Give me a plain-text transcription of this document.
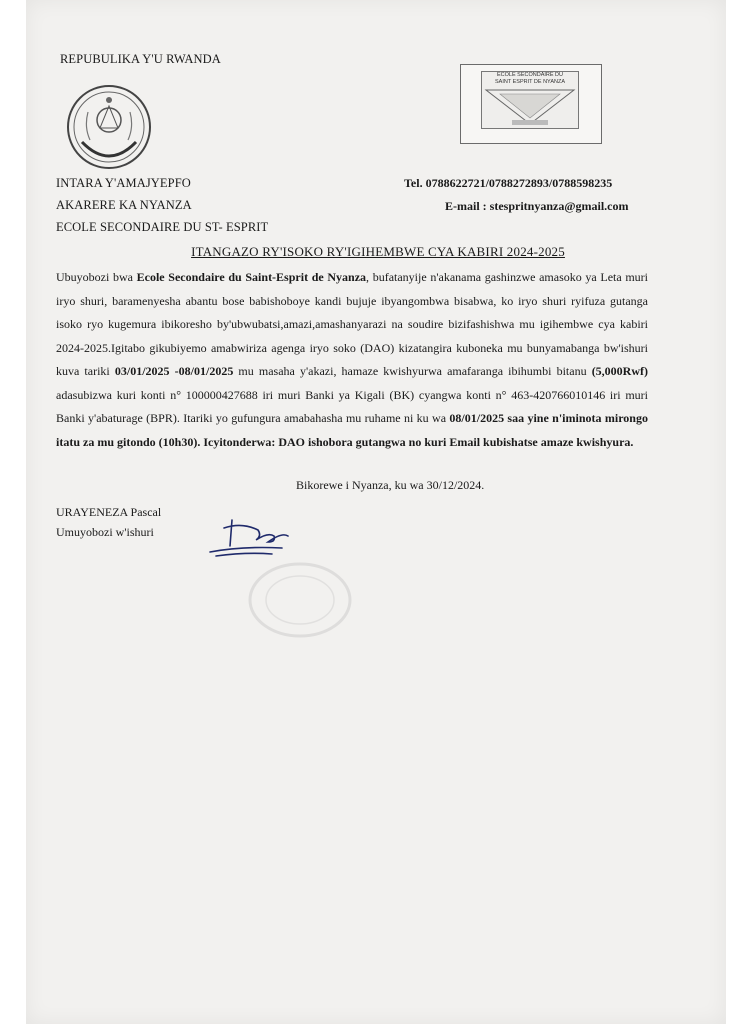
REPUBULIKA Y'U RWANDA
ECOLE SECONDAIRE DU
SAINT ESPRIT DE NYANZA
INTARA Y'AMAJYEPFO
AKARERE KA NYANZA
ECOLE SECONDAIRE DU ST- ESPRIT
Tel. 0788622721/0788272893/0788598235
E-mail : stespritnyanza@gmail.com
ITANGAZO RY'ISOKO RY'IGIHEMBWE CYA KABIRI 2024-2025
Ubuyobozi bwa Ecole Secondaire du Saint-Esprit de Nyanza, bufatanyije n'akanama gashinzwe amasoko ya Leta muri iryo shuri, baramenyesha abantu bose babishoboye kandi bujuje ibyangombwa bisabwa, ko iryo shuri ryifuza gutanga isoko ryo kugemura ibikoresho by'ubwubatsi,amazi,amashanyarazi na soudire bizifashishwa mu igihembwe cya kabiri 2024-2025.Igitabo gikubiyemo amabwiriza agenga iryo soko (DAO) kizatangira kuboneka mu bunyamabanga bw'ishuri kuva tariki 03/01/2025 -08/01/2025 mu masaha y'akazi, hamaze kwishyurwa amafaranga ibihumbi bitanu (5,000Rwf) adasubizwa kuri konti n° 100000427688 iri muri Banki ya Kigali (BK) cyangwa konti n° 463-420766010146 iri muri Banki y'abaturage (BPR). Itariki yo gufungura amabahasha mu ruhame ni ku wa 08/01/2025 saa yine n'iminota mirongo itatu za mu gitondo (10h30). Icyitonderwa: DAO ishobora gutangwa no kuri Email kubishatse amaze kwishyura.
Bikorewe i Nyanza, ku wa 30/12/2024.
URAYENEZA Pascal
Umuyobozi w'ishuri
